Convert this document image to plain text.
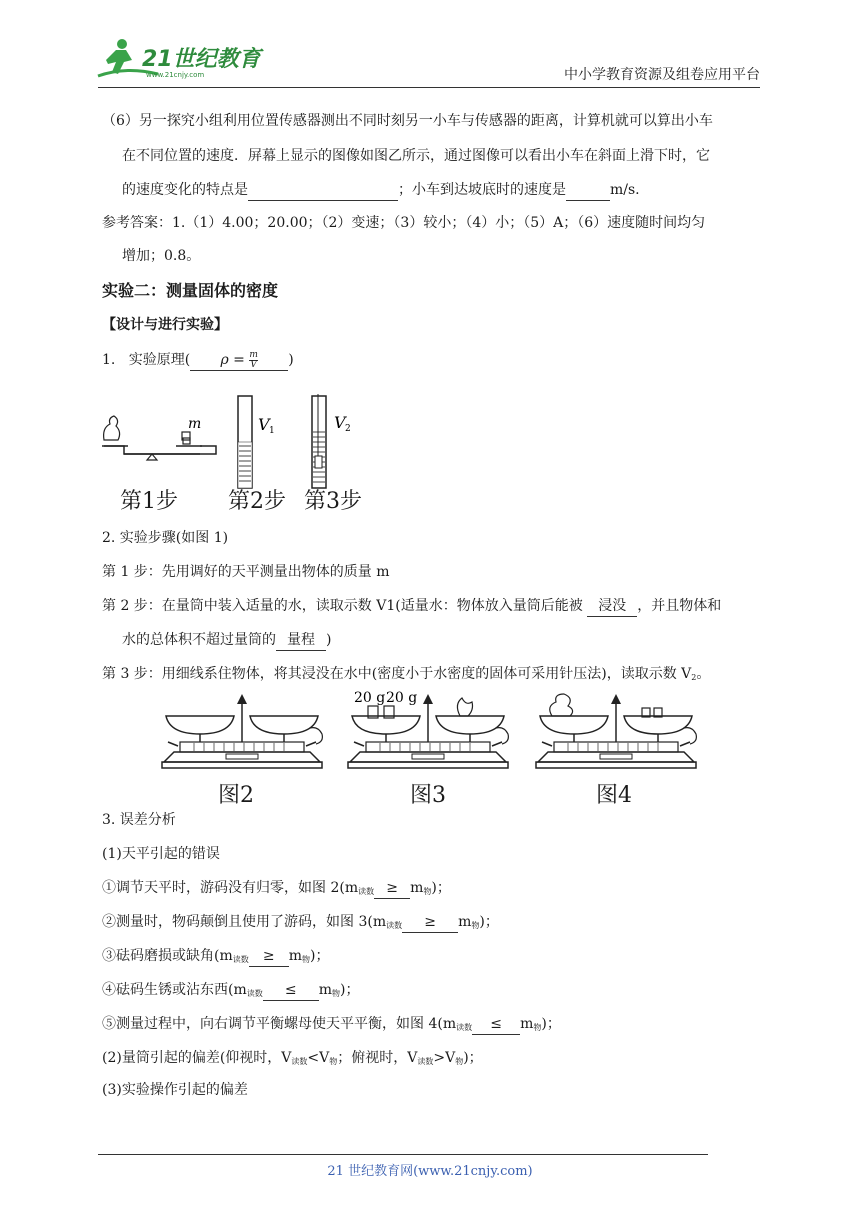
21世纪教育
www.21cnjy.com	中小学教育资源及组卷应用平台
（6）另一探究小组利用位置传感器测出不同时刻另一小车与传感器的距离，计算机就可以算出小车
在不同位置的速度．屏幕上显示的图像如图乙所示，通过图像可以看出小车在斜面上滑下时，它
的速度变化的特点是	；小车到达坡底时的速度是	m/s.
参考答案：1.（1）4.00；20.00；（2）变速；（3）较小；（4）小；（5）A；（6）速度随时间均匀
增加；0.8。
实验二：测量固体的密度
【设计与进行实验】
1. 实验原理( $\rho = \frac{m}{V}$ )
m	V 1	V 2
第1步 第2步 第3步
2. 实验步骤(如图 1)
第 1 步：先用调好的天平测量出物体的质量 m
第 2 步：在量筒中装入适量的水，读取示数 V1(适量水：物体放入量筒后能被 浸没 ，并且物体和
水的总体积不超过量筒的 量程 )
第 3 步：用细线系住物体，将其浸没在水中(密度小于水密度的固体可采用针压法)，读取示数 $V_2$。
20 g 20 g
图2	图3	图4
3. 误差分析
(1)天平引起的错误
①调节天平时，游码没有归零，如图 $2(m_{读数} \ge m_物)$；
②测量时，物码颠倒且使用了游码，如图 $3(m_{读数} \ge m_物)$；
③砝码磨损或缺角$(m_{读数} \ge m_物)$；
④砝码生锈或沾东西$(m_{读数} \le m_物)$；
⑤测量过程中，向右调节平衡螺母使天平平衡，如图 $4(m_{读数} \le m_物)$；
(2)量筒引起的偏差(仰视时，$V_{读数}<V_物$；俯视时，$V_{读数}>V_物$)；
(3)实验操作引起的偏差
21 世纪教育网(www.21cnjy.com)
